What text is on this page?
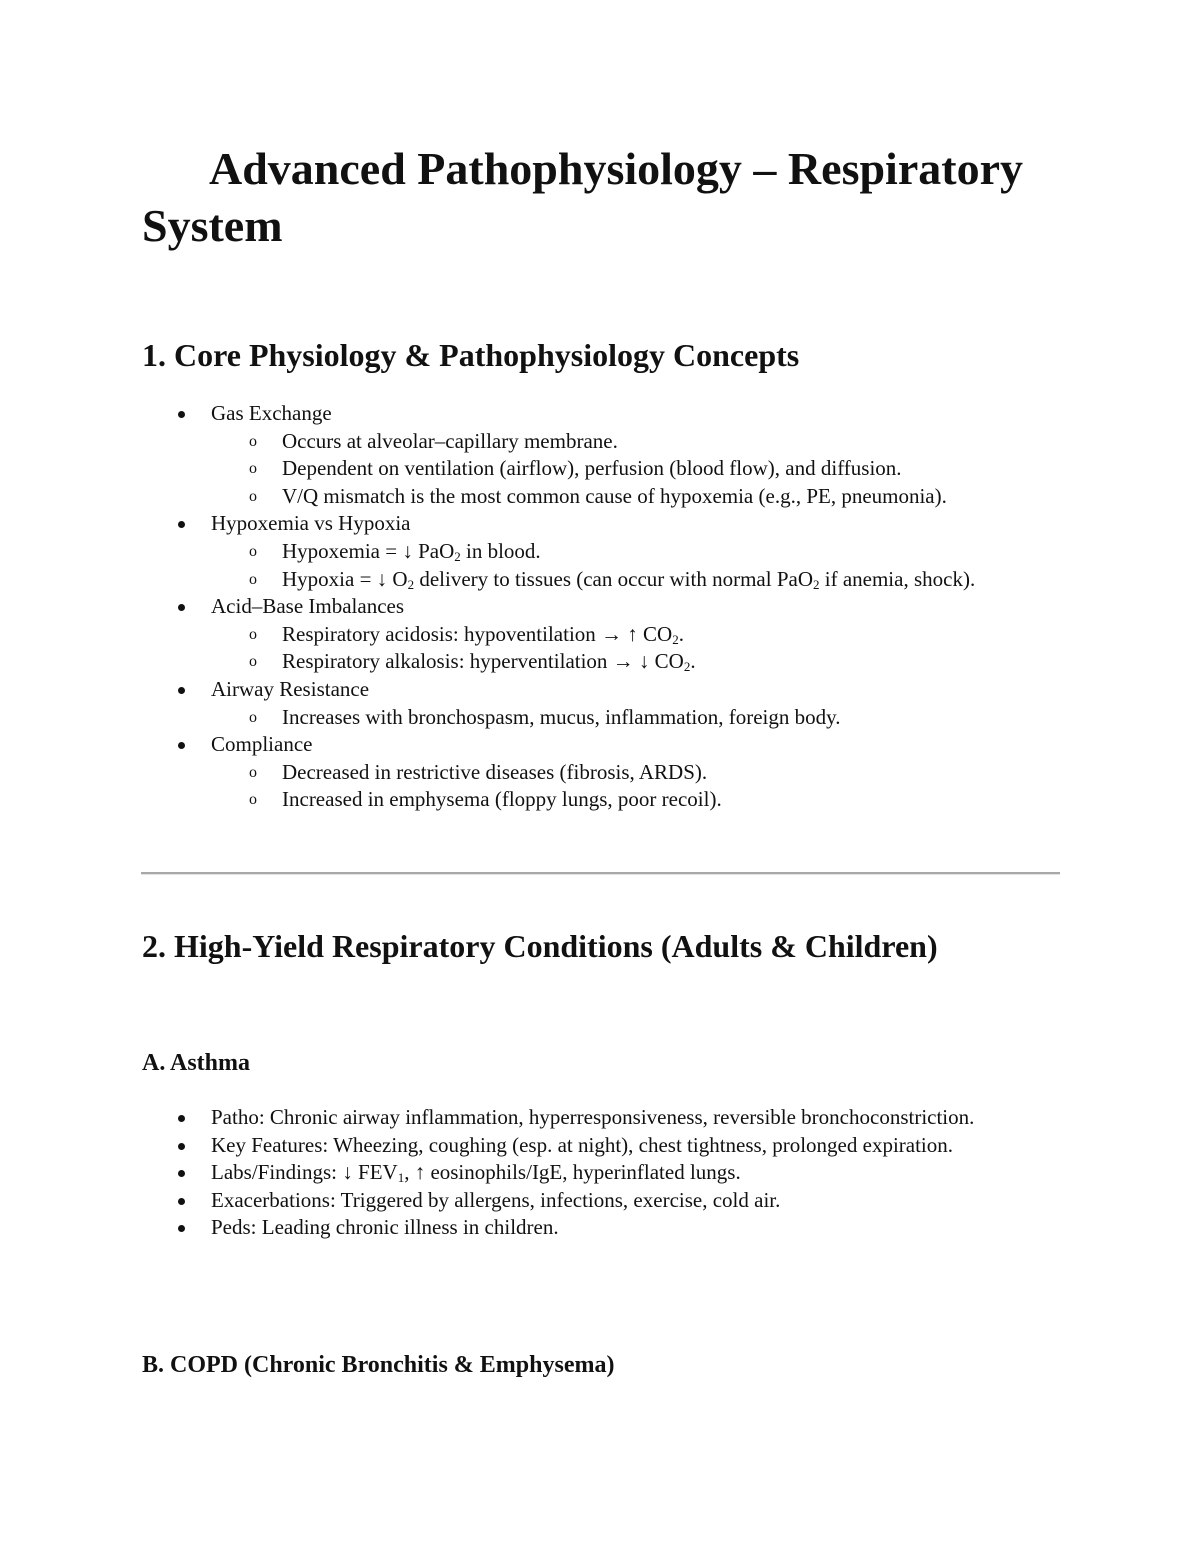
Advanced Pathophysiology – Respiratory System
1. Core Physiology & Pathophysiology Concepts
Gas Exchange
o Occurs at alveolar–capillary membrane.
o Dependent on ventilation (airflow), perfusion (blood flow), and diffusion.
o V/Q mismatch is the most common cause of hypoxemia (e.g., PE, pneumonia).
Hypoxemia vs Hypoxia
o Hypoxemia = ↓ PaO$_2$ in blood.
o Hypoxia = ↓ $O_2$ delivery to tissues (can occur with normal PaO$_2$ if anemia, shock).
Acid–Base Imbalances
o Respiratory acidosis: hypoventilation → ↑ $CO_2$.
o Respiratory alkalosis: hyperventilation → ↓ $CO_2$.
Airway Resistance
o Increases with bronchospasm, mucus, inflammation, foreign body.
Compliance
o Decreased in restrictive diseases (fibrosis, ARDS).
o Increased in emphysema (floppy lungs, poor recoil).
2. High-Yield Respiratory Conditions (Adults & Children)
A. Asthma
Patho: Chronic airway inflammation, hyperresponsiveness, reversible bronchoconstriction.
Key Features: Wheezing, coughing (esp. at night), chest tightness, prolonged expiration.
Labs/Findings: ↓ $FEV_1$, ↑ eosinophils/IgE, hyperinflated lungs.
Exacerbations: Triggered by allergens, infections, exercise, cold air.
Peds: Leading chronic illness in children.
B. COPD (Chronic Bronchitis & Emphysema)
